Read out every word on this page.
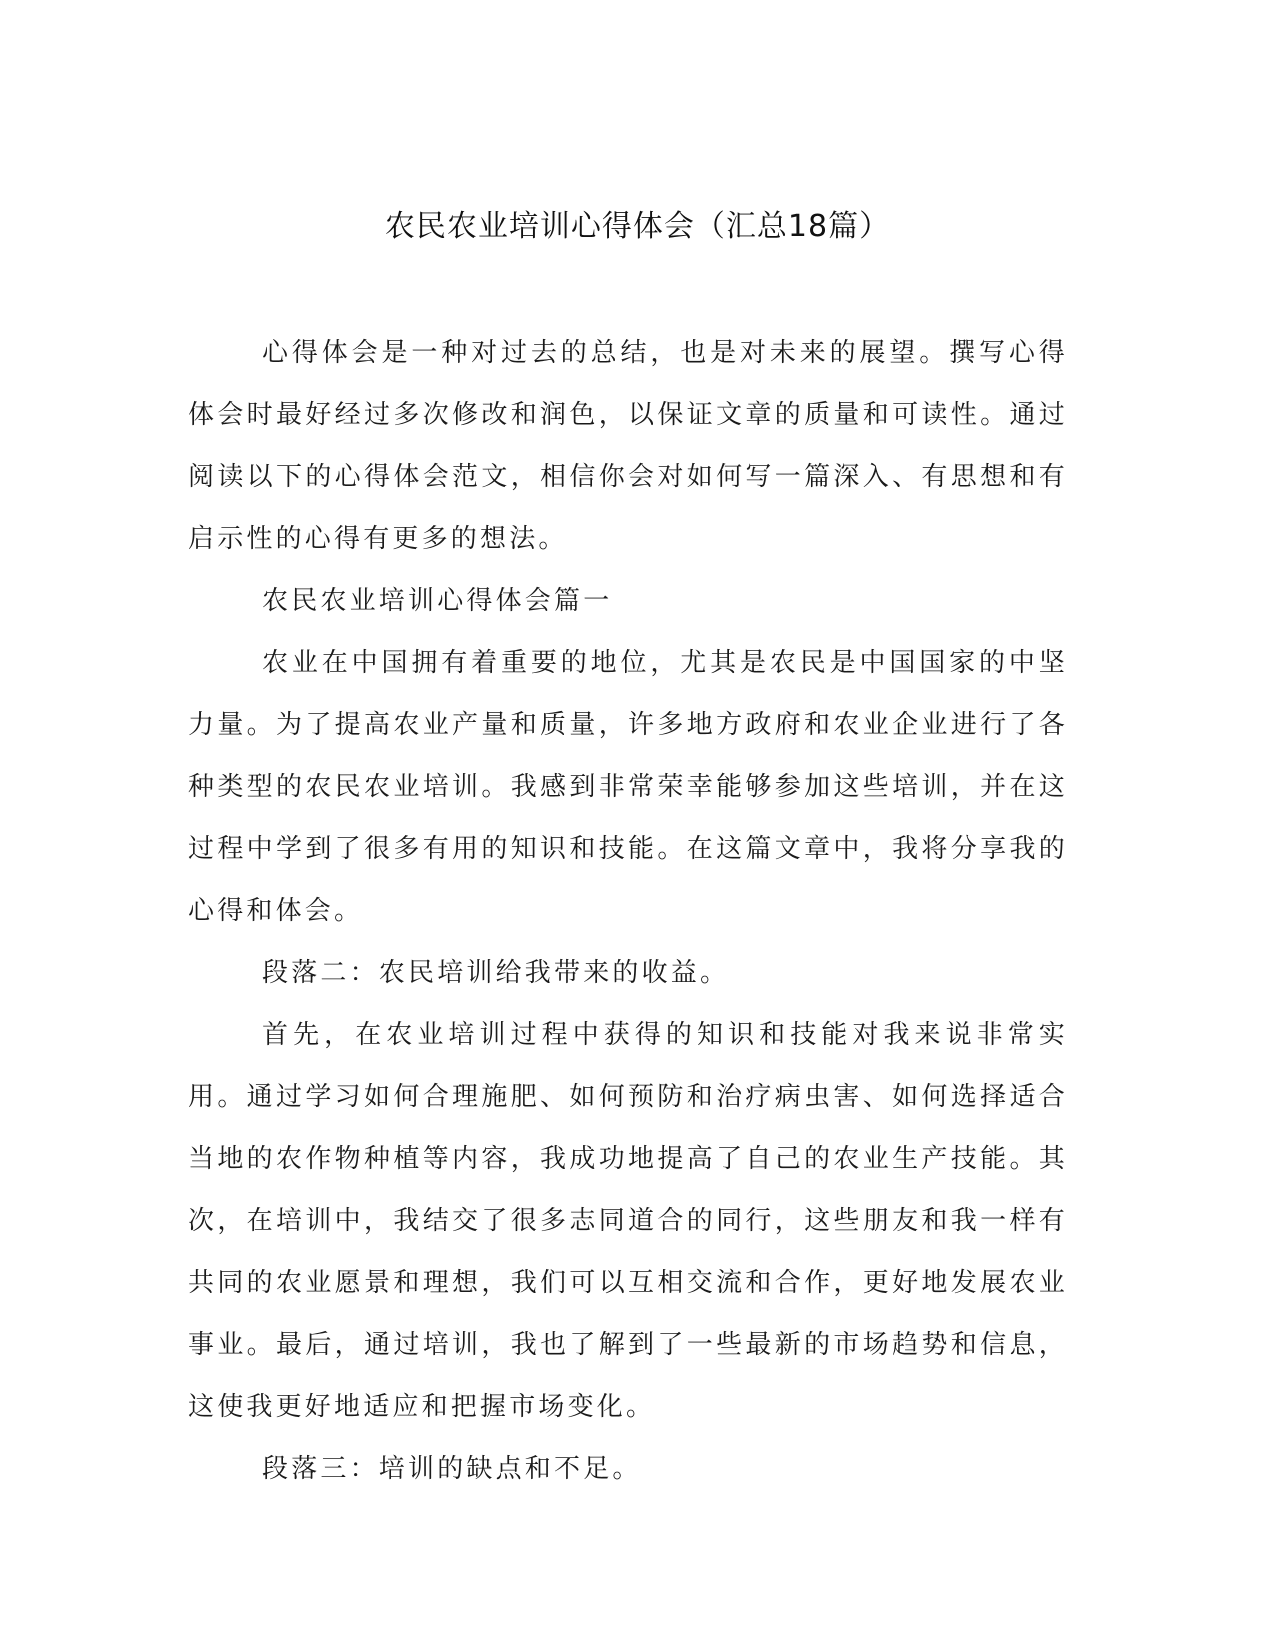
农民农业培训心得体会（汇总18篇）

心得体会是一种对过去的总结，也是对未来的展望。撰写心得体会时最好经过多次修改和润色，以保证文章的质量和可读性。通过阅读以下的心得体会范文，相信你会对如何写一篇深入、有思想和有启示性的心得有更多的想法。

农民农业培训心得体会篇一

农业在中国拥有着重要的地位，尤其是农民是中国国家的中坚力量。为了提高农业产量和质量，许多地方政府和农业企业进行了各种类型的农民农业培训。我感到非常荣幸能够参加这些培训，并在这过程中学到了很多有用的知识和技能。在这篇文章中，我将分享我的心得和体会。

段落二：农民培训给我带来的收益。

首先，在农业培训过程中获得的知识和技能对我来说非常实用。通过学习如何合理施肥、如何预防和治疗病虫害、如何选择适合当地的农作物种植等内容，我成功地提高了自己的农业生产技能。其次，在培训中，我结交了很多志同道合的同行，这些朋友和我一样有共同的农业愿景和理想，我们可以互相交流和合作，更好地发展农业事业。最后，通过培训，我也了解到了一些最新的市场趋势和信息，这使我更好地适应和把握市场变化。

段落三：培训的缺点和不足。
